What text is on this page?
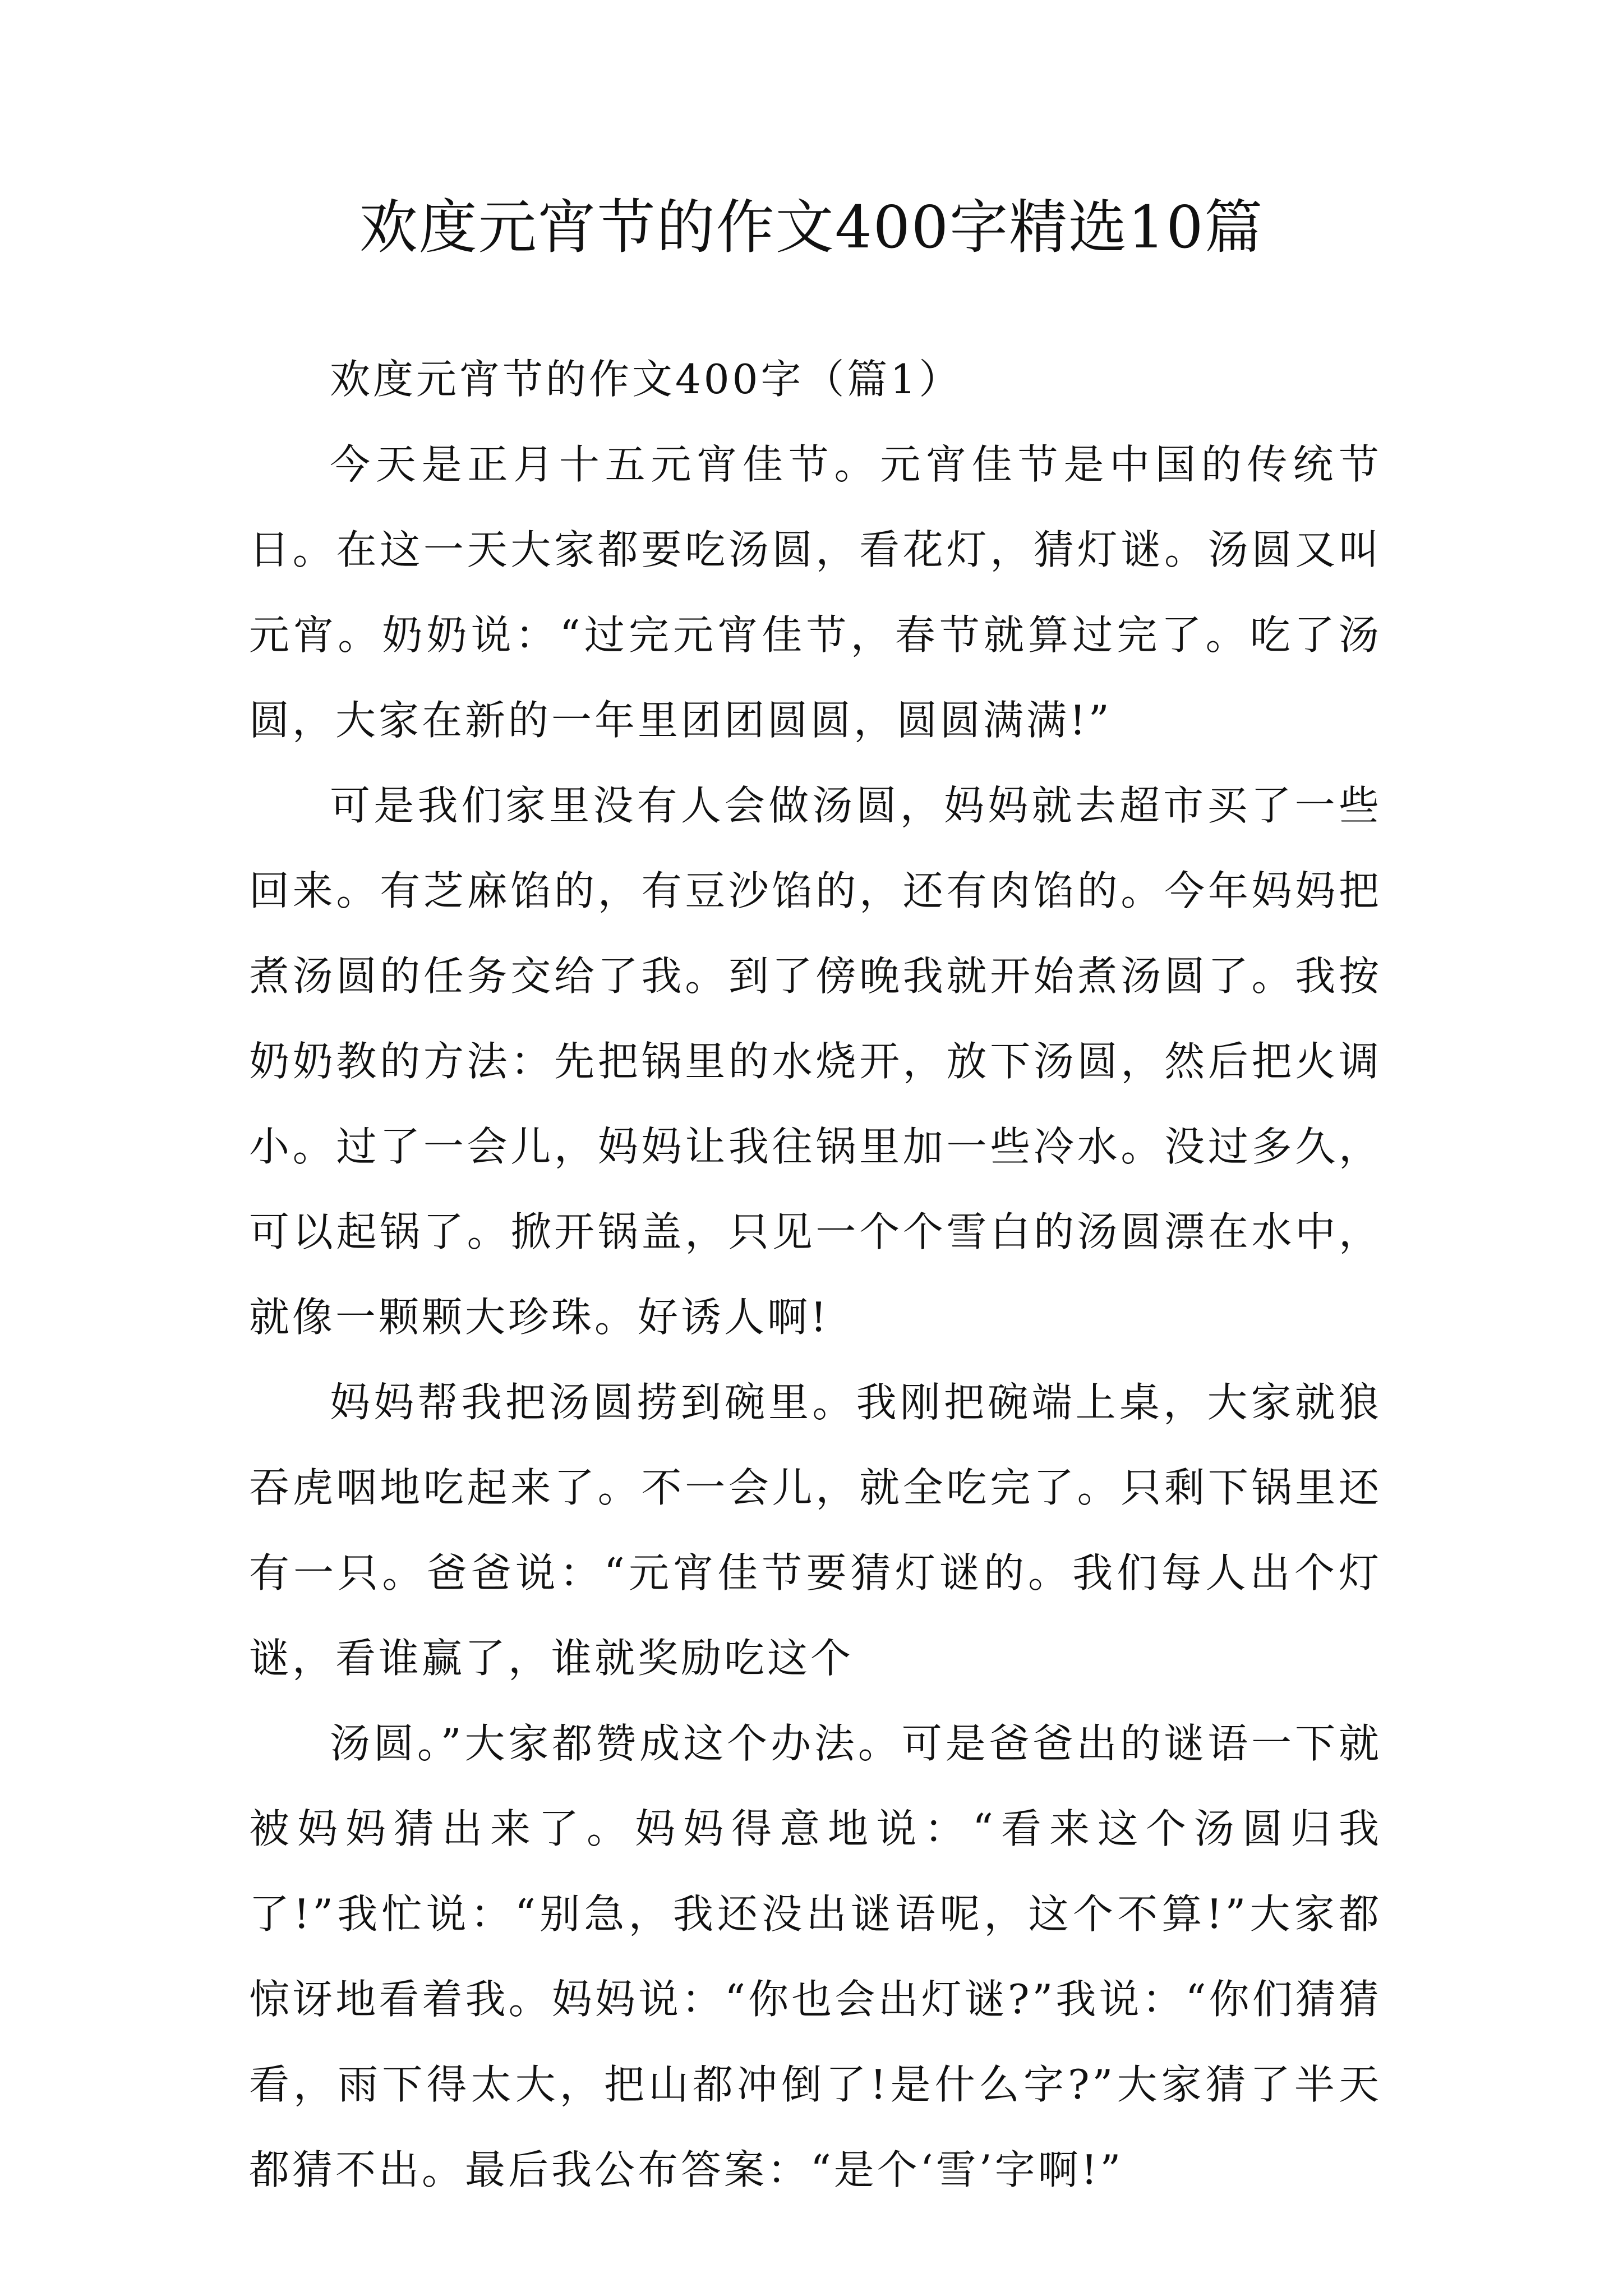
欢度元宵节的作文400字精选10篇

欢度元宵节的作文400字（篇1）

今天是正月十五元宵佳节。元宵佳节是中国的传统节日。在这一天大家都要吃汤圆，看花灯，猜灯谜。汤圆又叫元宵。奶奶说：“过完元宵佳节，春节就算过完了。吃了汤圆，大家在新的一年里团团圆圆，圆圆满满!”

可是我们家里没有人会做汤圆，妈妈就去超市买了一些回来。有芝麻馅的，有豆沙馅的，还有肉馅的。今年妈妈把煮汤圆的任务交给了我。到了傍晚我就开始煮汤圆了。我按奶奶教的方法：先把锅里的水烧开，放下汤圆，然后把火调小。过了一会儿，妈妈让我往锅里加一些冷水。没过多久，可以起锅了。掀开锅盖，只见一个个雪白的汤圆漂在水中，就像一颗颗大珍珠。好诱人啊!

妈妈帮我把汤圆捞到碗里。我刚把碗端上桌，大家就狼吞虎咽地吃起来了。不一会儿，就全吃完了。只剩下锅里还有一只。爸爸说：“元宵佳节要猜灯谜的。我们每人出个灯谜，看谁赢了，谁就奖励吃这个

汤圆。”大家都赞成这个办法。可是爸爸出的谜语一下就被妈妈猜出来了。妈妈得意地说：“看来这个汤圆归我了!”我忙说：“别急，我还没出谜语呢，这个不算!”大家都惊讶地看着我。妈妈说：“你也会出灯谜?”我说：“你们猜猜看，雨下得太大，把山都冲倒了!是什么字?”大家猜了半天都猜不出。最后我公布答案：“是个‘雪’字啊!”
